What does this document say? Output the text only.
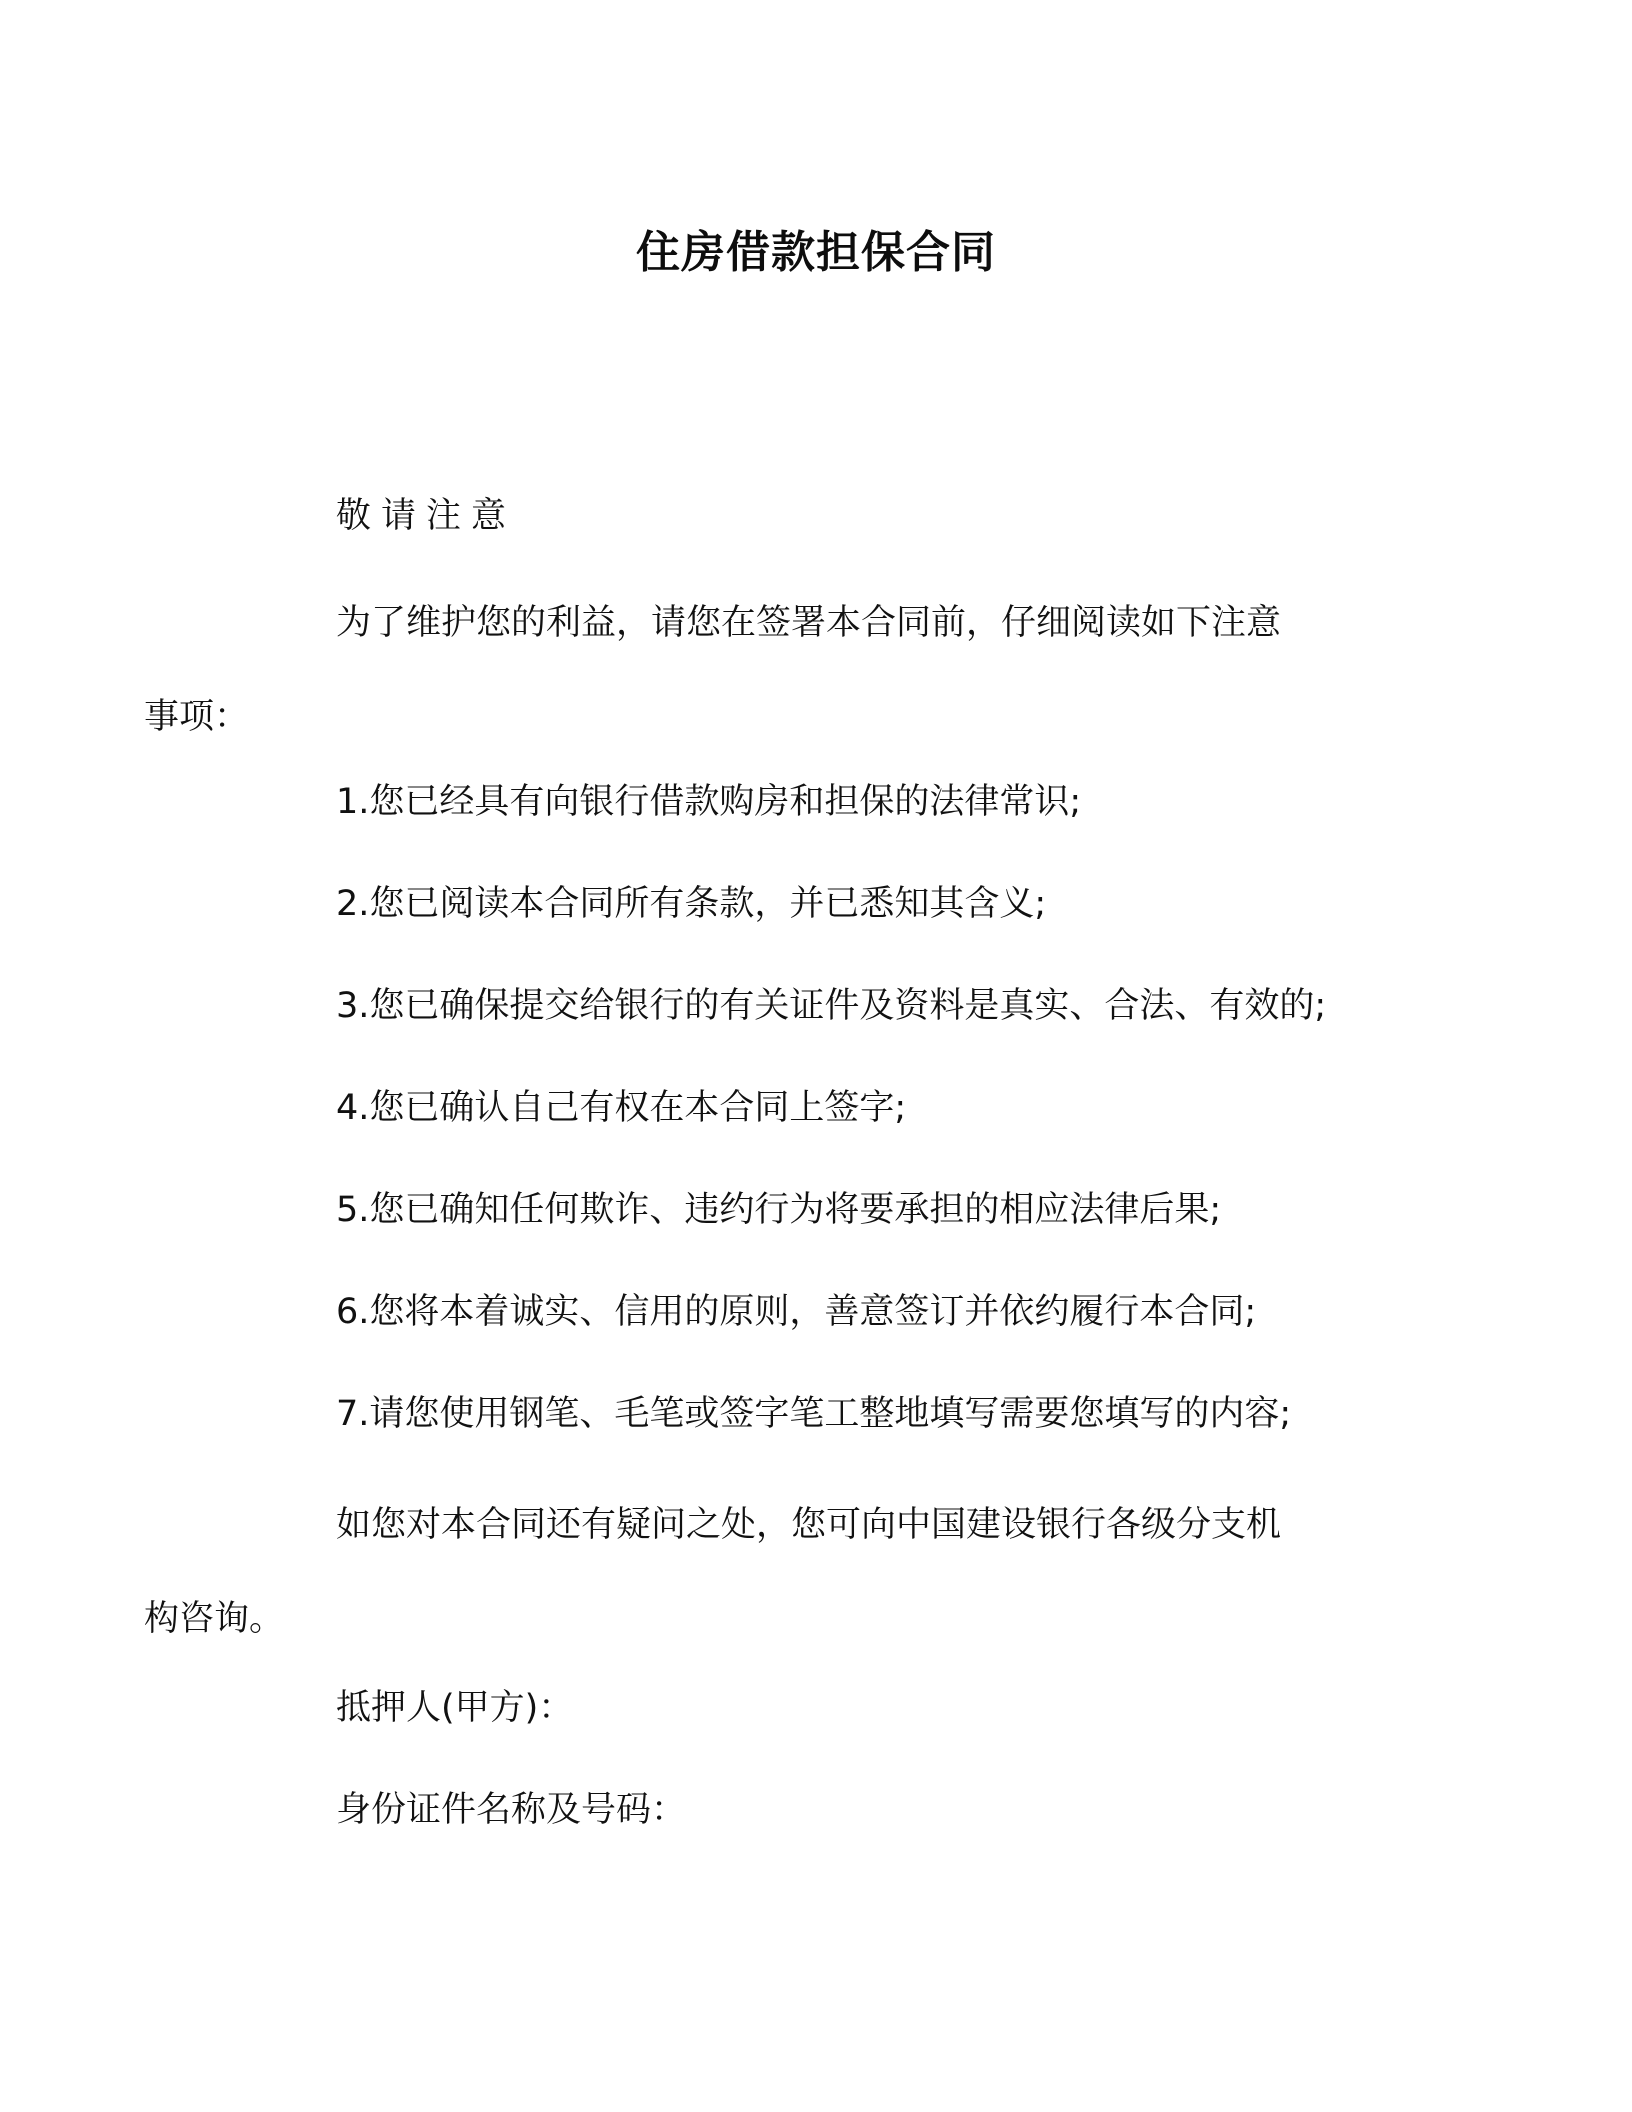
住房借款担保合同
敬请注意
为了维护您的利益，请您在签署本合同前，仔细阅读如下注意事项：
1.您已经具有向银行借款购房和担保的法律常识;
2.您已阅读本合同所有条款，并已悉知其含义;
3.您已确保提交给银行的有关证件及资料是真实、合法、有效的;
4.您已确认自己有权在本合同上签字;
5.您已确知任何欺诈、违约行为将要承担的相应法律后果;
6.您将本着诚实、信用的原则，善意签订并依约履行本合同;
7.请您使用钢笔、毛笔或签字笔工整地填写需要您填写的内容;
如您对本合同还有疑问之处，您可向中国建设银行各级分支机构咨询。
抵押人(甲方)：
身份证件名称及号码：
